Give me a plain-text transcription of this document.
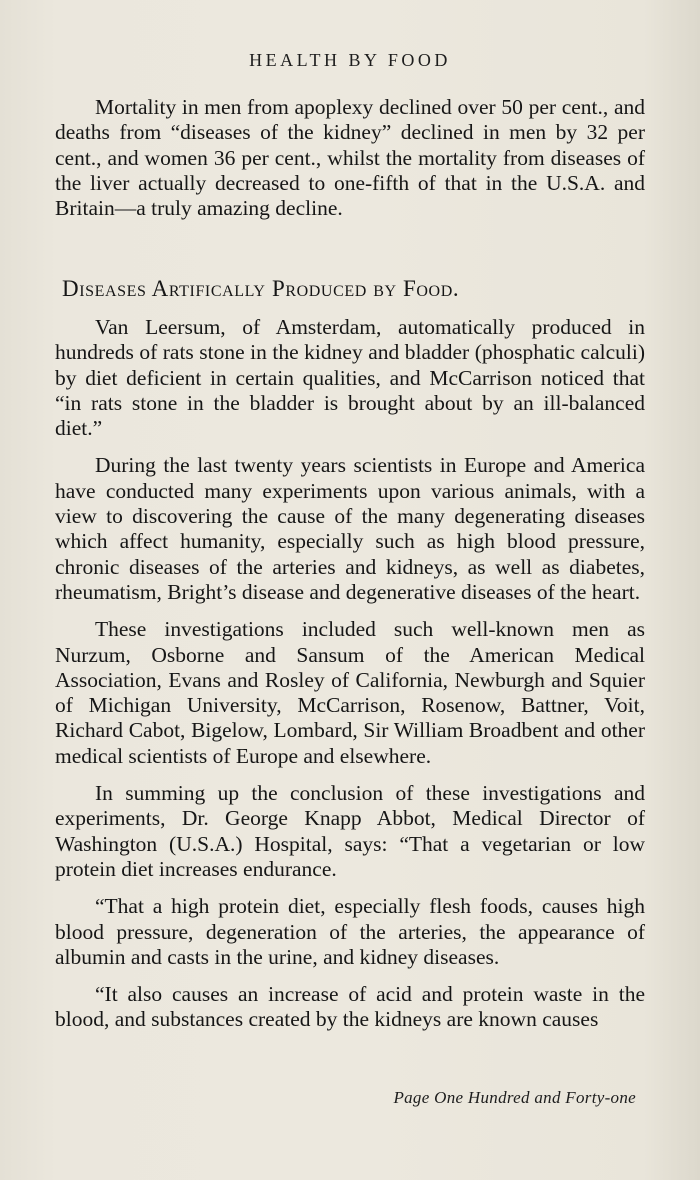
HEALTH BY FOOD

Mortality in men from apoplexy declined over 50 per cent., and deaths from “diseases of the kidney” declined in men by 32 per cent., and women 36 per cent., whilst the mortality from diseases of the liver actually decreased to one-fifth of that in the U.S.A. and Britain—a truly amazing decline.

Diseases Artifically Produced by Food.

Van Leersum, of Amsterdam, automatically produced in hundreds of rats stone in the kidney and bladder (phosphatic calculi) by diet deficient in certain qualities, and McCarrison noticed that “in rats stone in the bladder is brought about by an ill-balanced diet.”

During the last twenty years scientists in Europe and America have conducted many experiments upon various animals, with a view to discovering the cause of the many degenerating diseases which affect humanity, especially such as high blood pressure, chronic diseases of the arteries and kidneys, as well as diabetes, rheumatism, Bright’s disease and degenerative diseases of the heart.

These investigations included such well-known men as Nurzum, Osborne and Sansum of the American Medical Association, Evans and Rosley of California, Newburgh and Squier of Michigan University, McCarrison, Rosenow, Battner, Voit, Richard Cabot, Bigelow, Lombard, Sir William Broadbent and other medical scientists of Europe and elsewhere.

In summing up the conclusion of these investigations and experiments, Dr. George Knapp Abbot, Medical Director of Washington (U.S.A.) Hospital, says: “That a vegetarian or low protein diet increases endurance.

“That a high protein diet, especially flesh foods, causes high blood pressure, degeneration of the arteries, the appearance of albumin and casts in the urine, and kidney diseases.

“It also causes an increase of acid and protein waste in the blood, and substances created by the kidneys are known causes

Page One Hundred and Forty-one
